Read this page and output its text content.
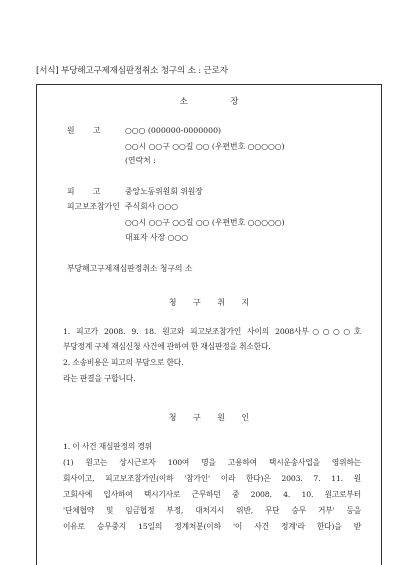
[서식] 부당해고구제재심판정취소 청구의 소 : 근로자
소 장
원 고 ○○○ (000000-0000000)
○○시 ○○구 ○○길 ○○ (우편번호 ○○○○○)
(연락처 :
피 고 중앙노동위원회 위원장
피고보조참가인 주식회사 ○○○
○○시 ○○구 ○○길 ○○ (우편번호 ○○○○○)
대표자 사장 ○○○
부당해고구제재심판정취소 청구의 소
청 구 취 지
1. 피고가 2008. 9. 18. 원고와 피고보조참가인 사이의 2008사부○○○○호
부당정계 구제 재심신청 사건에 관하여 한 재심판정을 취소한다.
2. 소송비용은 피고의 부담으로 한다.
라는 판결을 구합니다.
청 구 원 인
1. 이 사건 재심판정의 경위
(1) 원고는 상시근로자 100여 명을 고용하여 택시운송사업을 영위하는
회사이고, 피고보조참가인(이하 '참가인' 이라 한다)은 2003. 7. 11. 원
고회사에 입사하여 택시기사로 근무하던 중 2008. 4. 10. 원고로부터
'단체협약 및 임금협정 부정, 대처지시 위반, 무단 승무 거부' 등을
이유로 승무중지 15일의 정계처분(이하 '이 사건 정계'라 한다)을 받
